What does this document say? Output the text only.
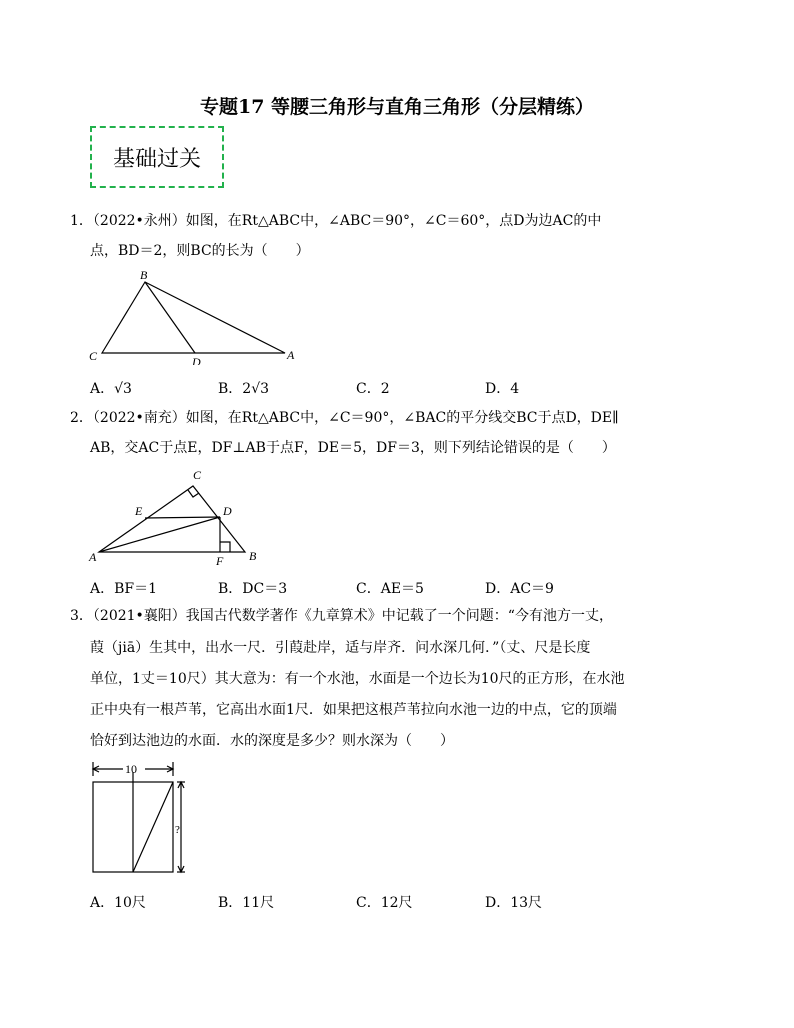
专题17 等腰三角形与直角三角形（分层精练）
基础过关
1．（2022•永州）如图，在Rt△ABC中，∠ABC＝90°，∠C＝60°，点D为边AC的中
点，BD＝2，则BC的长为（　　）
B
C	D	A
A．√3	B．2√3	C．2	D．4
2．（2022•南充）如图，在Rt△ABC中，∠C＝90°，∠BAC的平分线交BC于点D，DE∥
AB，交AC于点E，DF⊥AB于点F，DE＝5，DF＝3，则下列结论错误的是（　　）
C
E	D
A	F B
A．BF＝1	B．DC＝3	C．AE＝5	D．AC＝9
3．（2021•襄阳）我国古代数学著作《九章算术》中记载了一个问题：“今有池方一丈，
葭（jiā）生其中，出水一尺．引葭赴岸，适与岸齐．问水深几何．”（丈、尺是长度
单位，1丈＝10尺）其大意为：有一个水池，水面是一个边长为10尺的正方形，在水池
正中央有一根芦苇，它高出水面1尺．如果把这根芦苇拉向水池一边的中点，它的顶端
恰好到达池边的水面．水的深度是多少？则水深为（　　）
10
?
A．10尺	B．11尺	C．12尺	D．13尺
